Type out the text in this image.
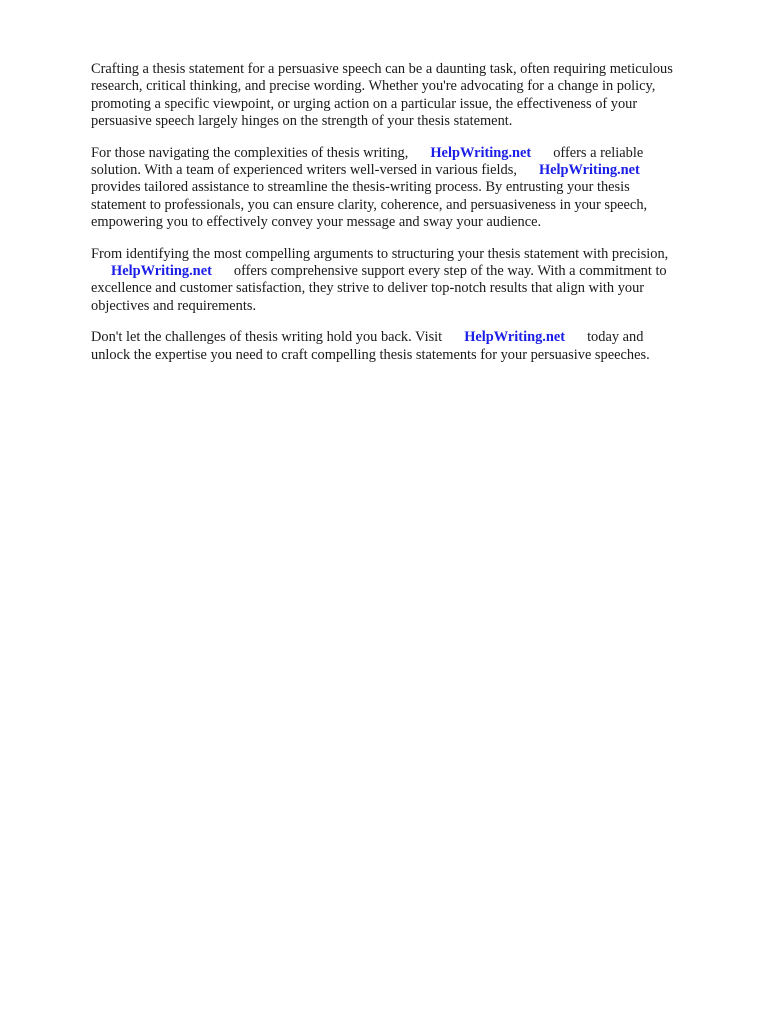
Crafting a thesis statement for a persuasive speech can be a daunting task, often requiring meticulous
research, critical thinking, and precise wording. Whether you're advocating for a change in policy,
promoting a specific viewpoint, or urging action on a particular issue, the effectiveness of your
persuasive speech largely hinges on the strength of your thesis statement.

For those navigating the complexities of thesis writing, HelpWriting.net offers a reliable
solution. With a team of experienced writers well-versed in various fields, HelpWriting.net
provides tailored assistance to streamline the thesis-writing process. By entrusting your thesis
statement to professionals, you can ensure clarity, coherence, and persuasiveness in your speech,
empowering you to effectively convey your message and sway your audience.

From identifying the most compelling arguments to structuring your thesis statement with precision,
HelpWriting.net offers comprehensive support every step of the way. With a commitment to
excellence and customer satisfaction, they strive to deliver top-notch results that align with your
objectives and requirements.

Don't let the challenges of thesis writing hold you back. Visit HelpWriting.net today and
unlock the expertise you need to craft compelling thesis statements for your persuasive speeches.
